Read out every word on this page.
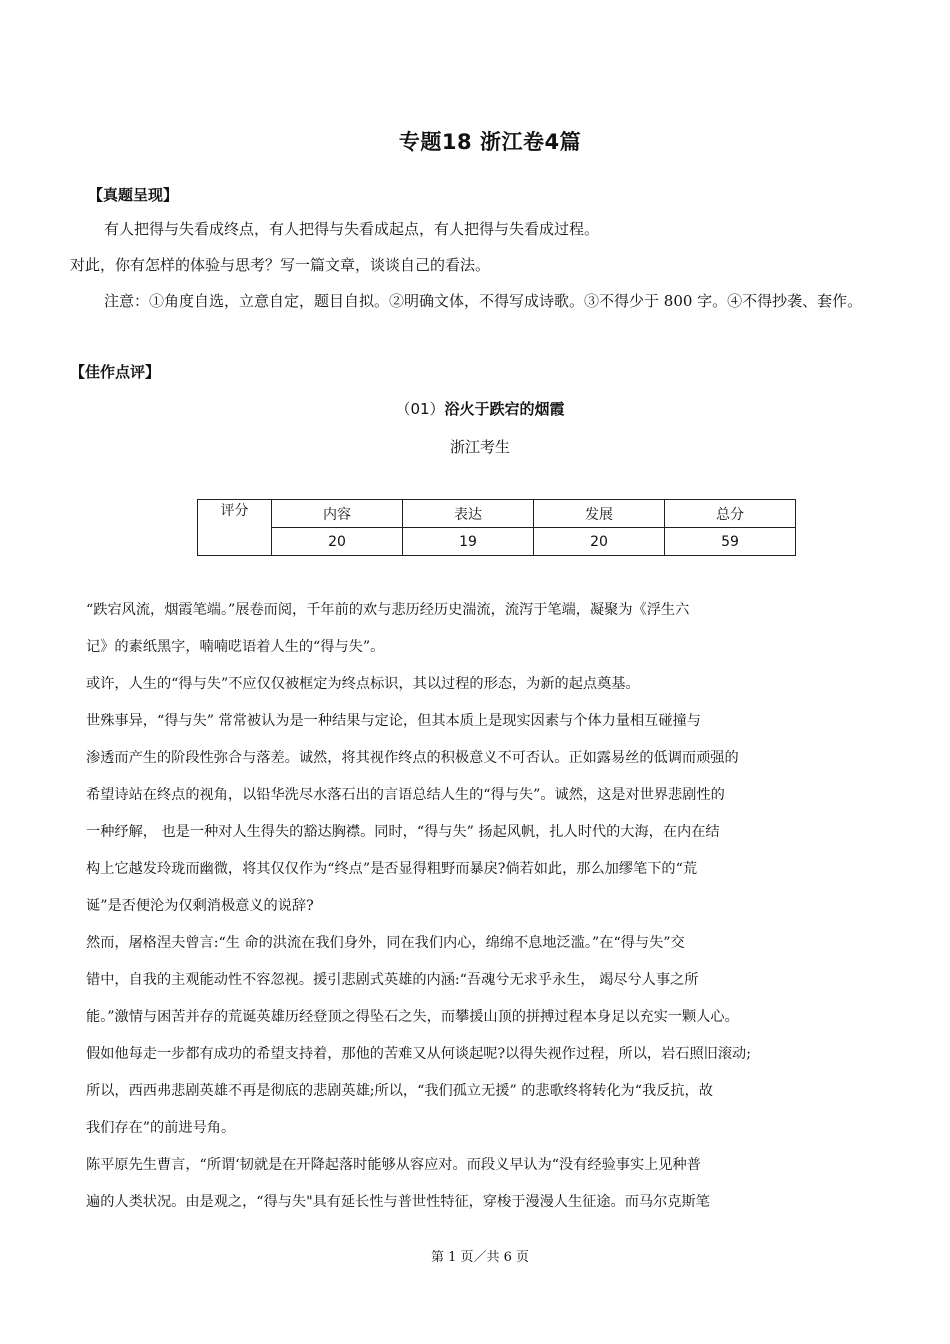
专题18 浙江卷4篇
【真题呈现】
有人把得与失看成终点，有人把得与失看成起点，有人把得与失看成过程。
对此，你有怎样的体验与思考？写一篇文章，谈谈自己的看法。
注意：①角度自选，立意自定，题目自拟。②明确文体，不得写成诗歌。③不得少于 800 字。④不得抄袭、套作。
【佳作点评】
（01）浴火于跌宕的烟霞
浙江考生
评分	内容	表达	发展	总分
	20	19	20	59

“跌宕风流，烟霞笔端。”展卷而阅，千年前的欢与悲历经历史湍流，流泻于笔端，凝聚为《浮生六

记》的素纸黑字，喃喃呓语着人生的“得与失”。

或许，人生的“得与失”不应仅仅被框定为终点标识，其以过程的形态，为新的起点奠基。

世殊事异，“得与失” 常常被认为是一种结果与定论，但其本质上是现实因素与个体力量相互碰撞与

渗透而产生的阶段性弥合与落差。诚然，将其视作终点的积极意义不可否认。正如露易丝的低调而顽强的

希望诗站在终点的视角，以铅华洗尽水落石出的言语总结人生的“得与失”。诚然，这是对世界悲剧性的

一种纾解， 也是一种对人生得失的豁达胸襟。同时，“得与失” 扬起风帆，扎人时代的大海，在内在结

构上它越发玲珑而幽微，将其仅仅作为“终点”是否显得粗野而暴戾?倘若如此，那么加缪笔下的“荒

诞”是否便沦为仅剩消极意义的说辞?

然而，屠格涅夫曾言:“生 命的洪流在我们身外，同在我们内心，绵绵不息地泛滥。”在“得与失”交

错中，自我的主观能动性不容忽视。援引悲剧式英雄的内涵:“吾魂兮无求乎永生， 竭尽兮人事之所

能。”激情与困苦并存的荒诞英雄历经登顶之得坠石之失，而攀援山顶的拼搏过程本身足以充实一颗人心。

假如他每走一步都有成功的希望支持着，那他的苦难又从何谈起呢?以得失视作过程，所以，岩石照旧滚动;

所以，西西弗悲剧英雄不再是彻底的悲剧英雄;所以，“我们孤立无援” 的悲歌终将转化为“我反抗，故

我们存在”的前进号角。

陈平原先生曹言，“所谓‘韧就是在开降起落时能够从容应对。而段义早认为“没有经验事实上见种普

遍的人类状况。由是观之，“得与失"具有延长性与普世性特征，穿梭于漫漫人生征途。而马尔克斯笔

第 1 页／共 6 页
